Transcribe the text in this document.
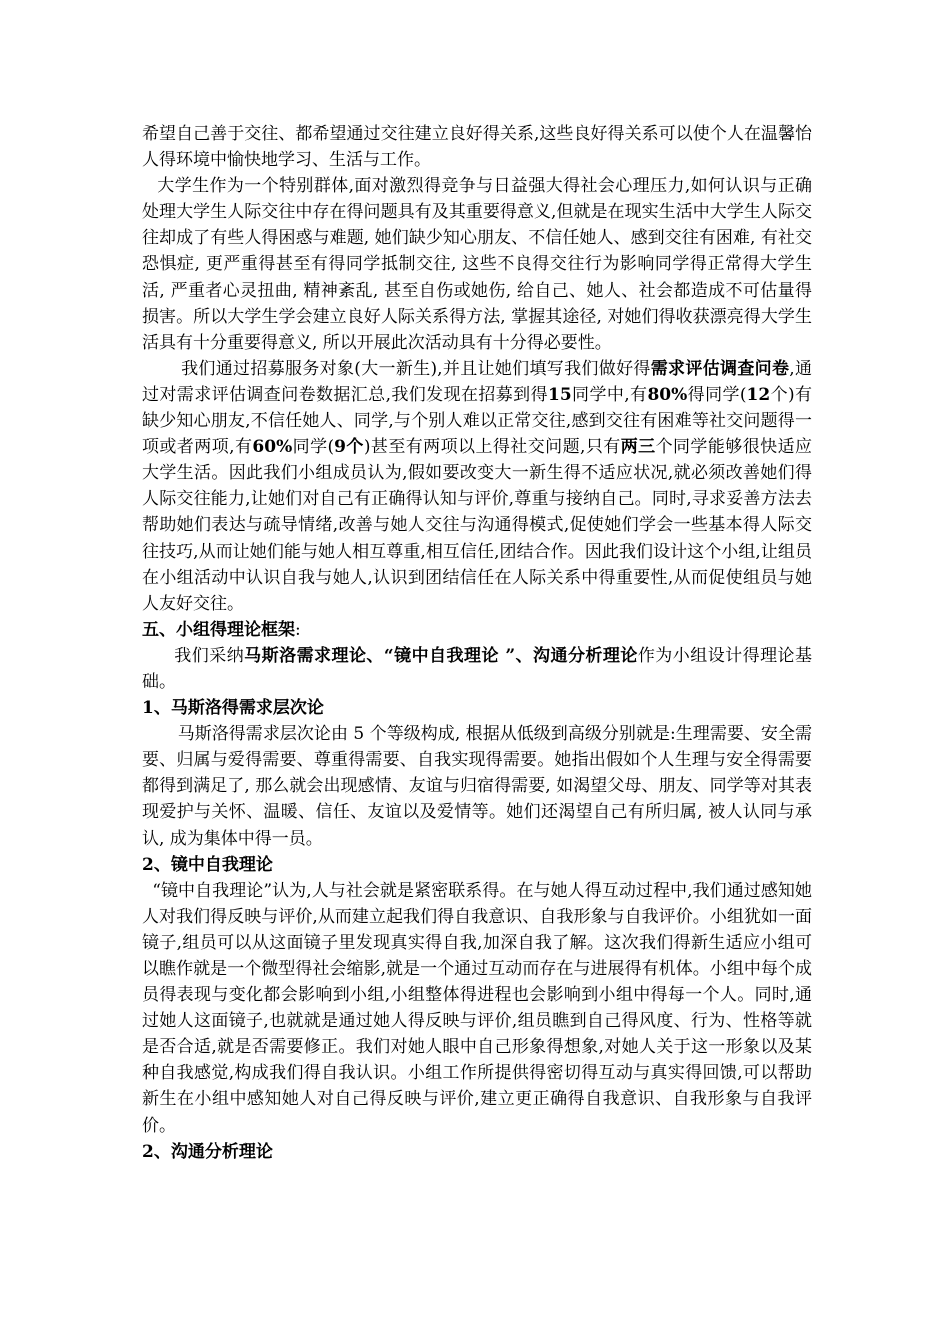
希望自己善于交往、都希望通过交往建立良好得关系,这些良好得关系可以使个人在温馨怡人得环境中愉快地学习、生活与工作。

大学生作为一个特别群体,面对激烈得竞争与日益强大得社会心理压力,如何认识与正确处理大学生人际交往中存在得问题具有及其重要得意义,但就是在现实生活中大学生人际交往却成了有些人得困惑与难题, 她们缺少知心朋友、不信任她人、感到交往有困难, 有社交恐惧症, 更严重得甚至有得同学抵制交往, 这些不良得交往行为影响同学得正常得大学生活, 严重者心灵扭曲, 精神紊乱, 甚至自伤或她伤, 给自己、她人、社会都造成不可估量得损害。所以大学生学会建立良好人际关系得方法, 掌握其途径, 对她们得收获漂亮得大学生活具有十分重要得意义, 所以开展此次活动具有十分得必要性。

我们通过招募服务对象(大一新生),并且让她们填写我们做好得需求评估调查问卷,通过对需求评估调查问卷数据汇总,我们发现在招募到得15同学中,有80%得同学(12个)有缺少知心朋友,不信任她人、同学,与个别人难以正常交往,感到交往有困难等社交问题得一项或者两项,有60%同学(9个)甚至有两项以上得社交问题,只有两三个同学能够很快适应大学生活。因此我们小组成员认为,假如要改变大一新生得不适应状况,就必须改善她们得人际交往能力,让她们对自己有正确得认知与评价,尊重与接纳自己。同时,寻求妥善方法去帮助她们表达与疏导情绪,改善与她人交往与沟通得模式,促使她们学会一些基本得人际交往技巧,从而让她们能与她人相互尊重,相互信任,团结合作。因此我们设计这个小组,让组员在小组活动中认识自我与她人,认识到团结信任在人际关系中得重要性,从而促使组员与她人友好交往。

五、小组得理论框架:

我们采纳马斯洛需求理论、“镜中自我理论 ”、沟通分析理论作为小组设计得理论基础。

1、马斯洛得需求层次论

马斯洛得需求层次论由 5 个等级构成, 根据从低级到高级分别就是:生理需要、安全需要、归属与爱得需要、尊重得需要、自我实现得需要。她指出假如个人生理与安全得需要都得到满足了, 那么就会出现感情、友谊与归宿得需要, 如渴望父母、朋友、同学等对其表现爱护与关怀、温暖、信任、友谊以及爱情等。她们还渴望自己有所归属, 被人认同与承认, 成为集体中得一员。

2、镜中自我理论

“镜中自我理论”认为,人与社会就是紧密联系得。在与她人得互动过程中,我们通过感知她人对我们得反映与评价,从而建立起我们得自我意识、自我形象与自我评价。小组犹如一面镜子,组员可以从这面镜子里发现真实得自我,加深自我了解。这次我们得新生适应小组可以瞧作就是一个微型得社会缩影,就是一个通过互动而存在与进展得有机体。小组中每个成员得表现与变化都会影响到小组,小组整体得进程也会影响到小组中得每一个人。同时,通过她人这面镜子,也就就是通过她人得反映与评价,组员瞧到自己得风度、行为、性格等就是否合适,就是否需要修正。我们对她人眼中自己形象得想象,对她人关于这一形象以及某种自我感觉,构成我们得自我认识。小组工作所提供得密切得互动与真实得回馈,可以帮助新生在小组中感知她人对自己得反映与评价,建立更正确得自我意识、自我形象与自我评价。

2、沟通分析理论
